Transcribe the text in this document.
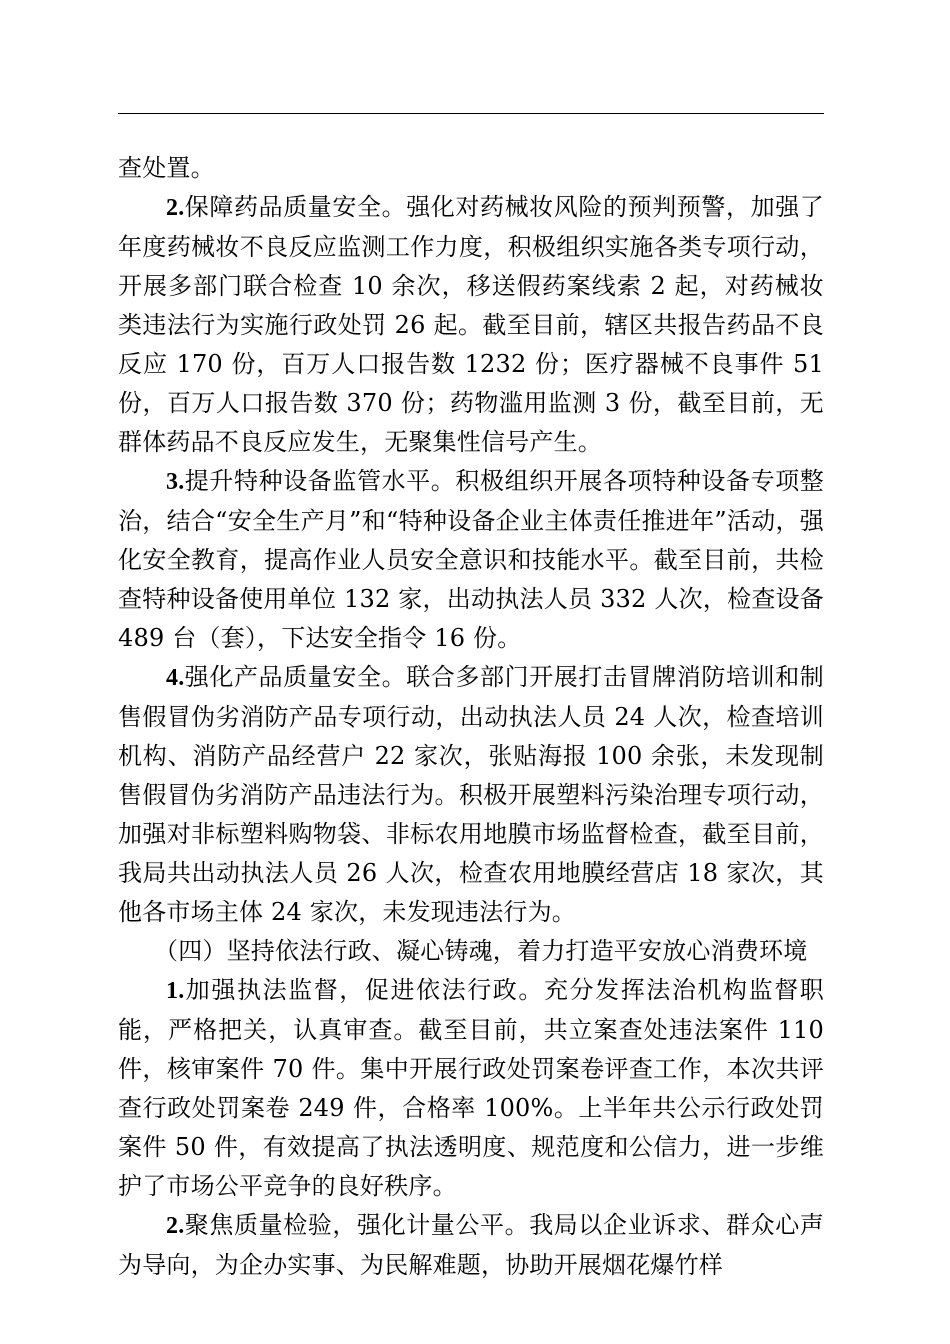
查处置。

2.保障药品质量安全。强化对药械妆风险的预判预警，加强了年度药械妆不良反应监测工作力度，积极组织实施各类专项行动，开展多部门联合检查 10 余次，移送假药案线索 2 起，对药械妆类违法行为实施行政处罚 26 起。截至目前，辖区共报告药品不良反应 170 份，百万人口报告数 1232 份；医疗器械不良事件 51 份，百万人口报告数 370 份；药物滥用监测 3 份，截至目前，无群体药品不良反应发生，无聚集性信号产生。

3.提升特种设备监管水平。积极组织开展各项特种设备专项整治，结合“安全生产月”和“特种设备企业主体责任推进年”活动，强化安全教育，提高作业人员安全意识和技能水平。截至目前，共检查特种设备使用单位 132 家，出动执法人员 332 人次，检查设备 489 台（套），下达安全指令 16 份。

4.强化产品质量安全。联合多部门开展打击冒牌消防培训和制售假冒伪劣消防产品专项行动，出动执法人员 24 人次，检查培训机构、消防产品经营户 22 家次，张贴海报 100 余张，未发现制售假冒伪劣消防产品违法行为。积极开展塑料污染治理专项行动，加强对非标塑料购物袋、非标农用地膜市场监督检查，截至目前，我局共出动执法人员 26 人次，检查农用地膜经营店 18 家次，其他各市场主体 24 家次，未发现违法行为。

（四）坚持依法行政、凝心铸魂，着力打造平安放心消费环境

1.加强执法监督，促进依法行政。充分发挥法治机构监督职能，严格把关，认真审查。截至目前，共立案查处违法案件 110 件，核审案件 70 件。集中开展行政处罚案卷评查工作，本次共评查行政处罚案卷 249 件，合格率 100%。上半年共公示行政处罚案件 50 件，有效提高了执法透明度、规范度和公信力，进一步维护了市场公平竞争的良好秩序。

2.聚焦质量检验，强化计量公平。我局以企业诉求、群众心声为导向，为企办实事、为民解难题，协助开展烟花爆竹样
